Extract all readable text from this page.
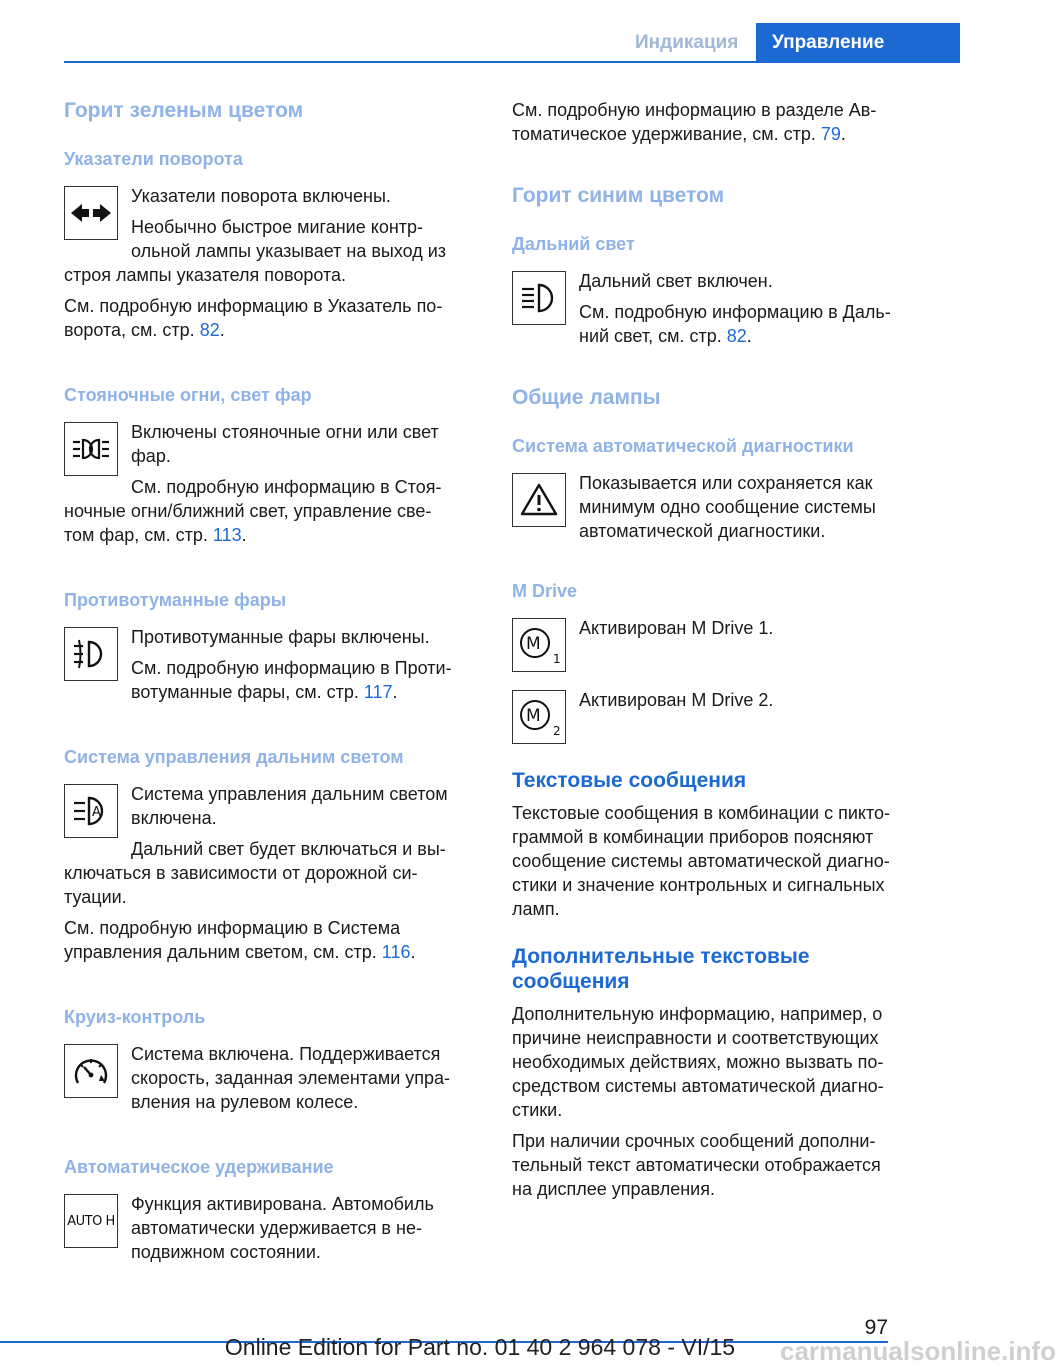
Индикация	Управление
Горит зеленым цветом
Указатели поворота
Указатели поворота включены.
Необычно быстрое мигание контр-
ольной лампы указывает на выход из
строя лампы указателя поворота.
См. подробную информацию в Указатель по-
ворота, см. стр. 82.
Стояночные огни, свет фар
Включены стояночные огни или свет
фар.
См. подробную информацию в Стоя-
ночные огни/ближний свет, управление све-
том фар, см. стр. 113.
Противотуманные фары
Противотуманные фары включены.
См. подробную информацию в Проти-
вотуманные фары, см. стр. 117.
Система управления дальним светом
A
Система управления дальним светом
включена.
Дальний свет будет включаться и вы-
ключаться в зависимости от дорожной си-
туации.
См. подробную информацию в Система
управления дальним светом, см. стр. 116.
Круиз-контроль
Система включена. Поддерживается
скорость, заданная элементами упра-
вления на рулевом колесе.
Автоматическое удерживание
AUTO H
Функция активирована. Автомобиль
автоматически удерживается в не-
подвижном состоянии.
См. подробную информацию в разделе Ав-
томатическое удерживание, см. стр. 79.
Горит синим цветом
Дальний свет
Дальний свет включен.
См. подробную информацию в Даль-
ний свет, см. стр. 82.
Общие лампы
Система автоматической диагностики
Показывается или сохраняется как
минимум одно сообщение системы
автоматической диагностики.
M Drive
M
1
Активирован M Drive 1.
M
2
Активирован M Drive 2.
Текстовые сообщения
Текстовые сообщения в комбинации с пикто-
граммой в комбинации приборов поясняют
сообщение системы автоматической диагно-
стики и значение контрольных и сигнальных
ламп.
Дополнительные текстовые
сообщения
Дополнительную информацию, например, о
причине неисправности и соответствующих
необходимых действиях, можно вызвать по-
средством системы автоматической диагно-
стики.
При наличии срочных сообщений дополни-
тельный текст автоматически отображается
на дисплее управления.
97
Online Edition for Part no. 01 40 2 964 078 - VI/15	carmanualsonline.info
